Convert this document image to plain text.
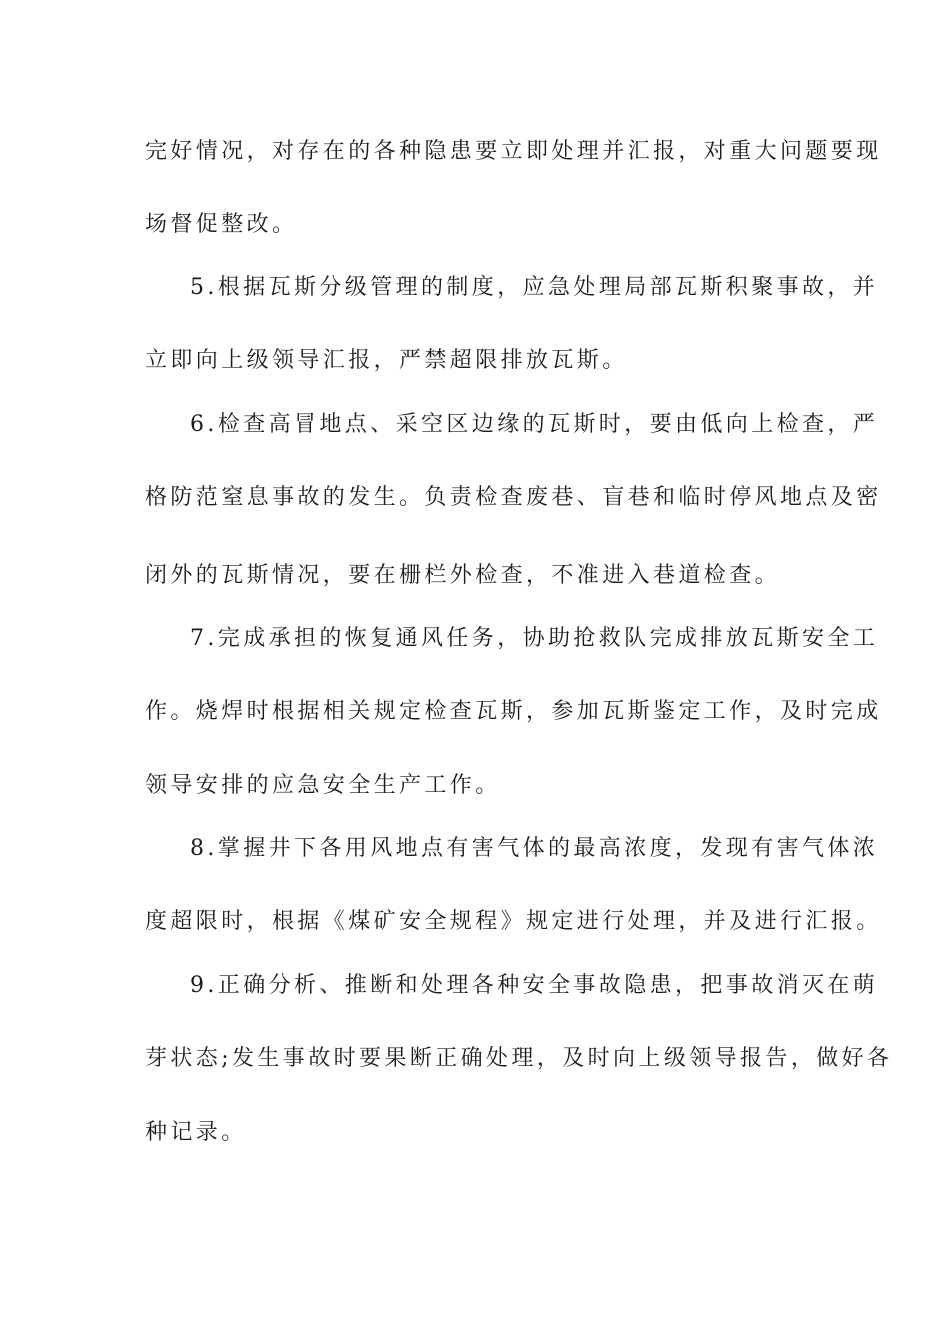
完好情况，对存在的各种隐患要立即处理并汇报，对重大问题要现
场督促整改。
5.根据瓦斯分级管理的制度，应急处理局部瓦斯积聚事故，并
立即向上级领导汇报，严禁超限排放瓦斯。
6.检查高冒地点、采空区边缘的瓦斯时，要由低向上检查，严
格防范窒息事故的发生。负责检查废巷、盲巷和临时停风地点及密
闭外的瓦斯情况，要在栅栏外检查，不准进入巷道检查。
7.完成承担的恢复通风任务，协助抢救队完成排放瓦斯安全工
作。烧焊时根据相关规定检查瓦斯，参加瓦斯鉴定工作，及时完成
领导安排的应急安全生产工作。
8.掌握井下各用风地点有害气体的最高浓度，发现有害气体浓
度超限时，根据《煤矿安全规程》规定进行处理，并及进行汇报。
9.正确分析、推断和处理各种安全事故隐患，把事故消灭在萌
芽状态;发生事故时要果断正确处理，及时向上级领导报告，做好各
种记录。
